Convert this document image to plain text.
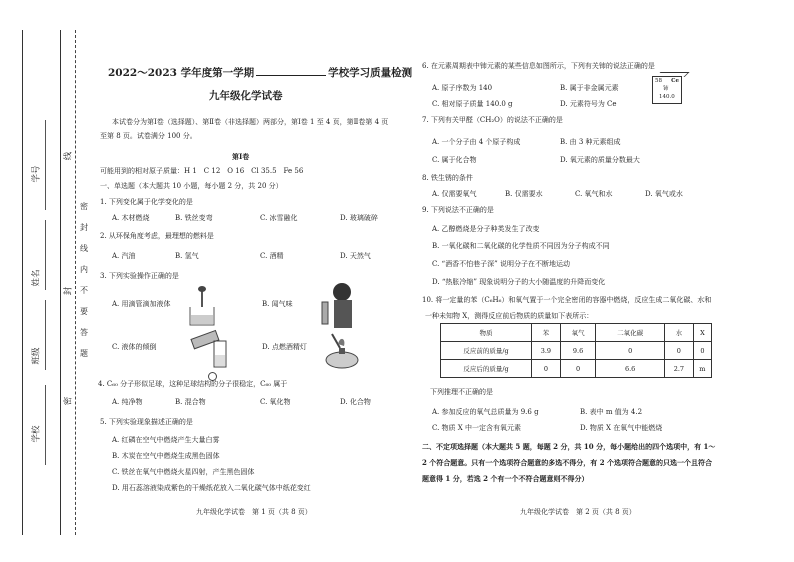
学校
班级
姓名
学号
线
封
密
密
封
线
内
不
要
答
题
2022～2023 学年度第一学期	学校学习质量检测
九年级化学试卷
本试卷分为第Ⅰ卷（选择题）、第Ⅱ卷（非选择题）两部分，第Ⅰ卷 1 至 4 页，第Ⅱ卷第 4 页
至第 8 页。试卷满分 100 分。
第Ⅰ卷
可能用到的相对原子质量：H 1　C 12　O 16　Cl 35.5　Fe 56
一、单选题（本大题共 10 小题，每小题 2 分，共 20 分）
1. 下列变化属于化学变化的是
A. 木材燃烧	B. 铁丝变弯	C. 冰雪融化	D. 玻璃破碎
2. 从环保角度考虑，最理想的燃料是
A. 汽油	B. 氢气	C. 酒精	D. 天然气
3. 下列实验操作正确的是
A. 用滴管滴加液体	B. 闻气味
C. 液体的倾倒	D. 点燃酒精灯
4. C₆₀ 分子形似足球，这种足球结构的分子很稳定，C₆₀ 属于
A. 纯净物	B. 混合物	C. 氧化物	D. 化合物
5. 下列实验现象描述正确的是
A. 红磷在空气中燃烧产生大量白雾
B. 木炭在空气中燃烧生成黑色固体
C. 铁丝在氧气中燃烧火星四射，产生黑色固体
D. 用石蕊溶液染成紫色的干燥纸花放入二氧化碳气体中纸花变红
九年级化学试卷　第 1 页（共 8 页）
6. 在元素周期表中铈元素的某些信息如图所示，下列有关铈的说法正确的是
58 Ce
铈
140.0
A. 原子序数为 140	B. 属于非金属元素
C. 相对原子质量 140.0 g	D. 元素符号为 Ce
7. 下列有关甲醛（CH₂O）的说法不正确的是
A. 一个分子由 4 个原子构成	B. 由 3 种元素组成
C. 属于化合物	D. 氧元素的质量分数最大
8. 铁生锈的条件
A. 仅需要氧气	B. 仅需要水	C. 氧气和水	D. 氧气或水
9. 下列说法不正确的是
A. 乙醇燃烧是分子种类发生了改变
B. 一氧化碳和二氧化碳的化学性质不同因为分子构成不同
C. “酒香不怕巷子深” 说明分子在不断地运动
D. “热胀冷缩” 现象说明分子的大小随温度的升降而变化
10. 将一定量的苯（C₆H₆）和氧气置于一个完全密闭的容器中燃烧，反应生成二氧化碳、水和
一种未知物 X，测得反应前后物质的质量如下表所示：
物质	苯	氧气	二氧化碳	水	X
反应前的质量/g	3.9	9.6	0	0	0
反应后的质量/g	0	0	6.6	2.7	m
下列推理不正确的是
A. 参加反应的氧气总质量为 9.6 g	B. 表中 m 值为 4.2
C. 物质 X 中一定含有氧元素	D. 物质 X 在氧气中能燃烧
二、不定项选择题（本大题共 5 题，每题 2 分，共 10 分，每小题给出的四个选项中，有 1～
2 个符合题意。只有一个选项符合题意的多选不得分，有 2 个选项符合题意的只选一个且符合
题意得 1 分，若选 2 个有一个不符合题意则不得分）
九年级化学试卷　第 2 页（共 8 页）
